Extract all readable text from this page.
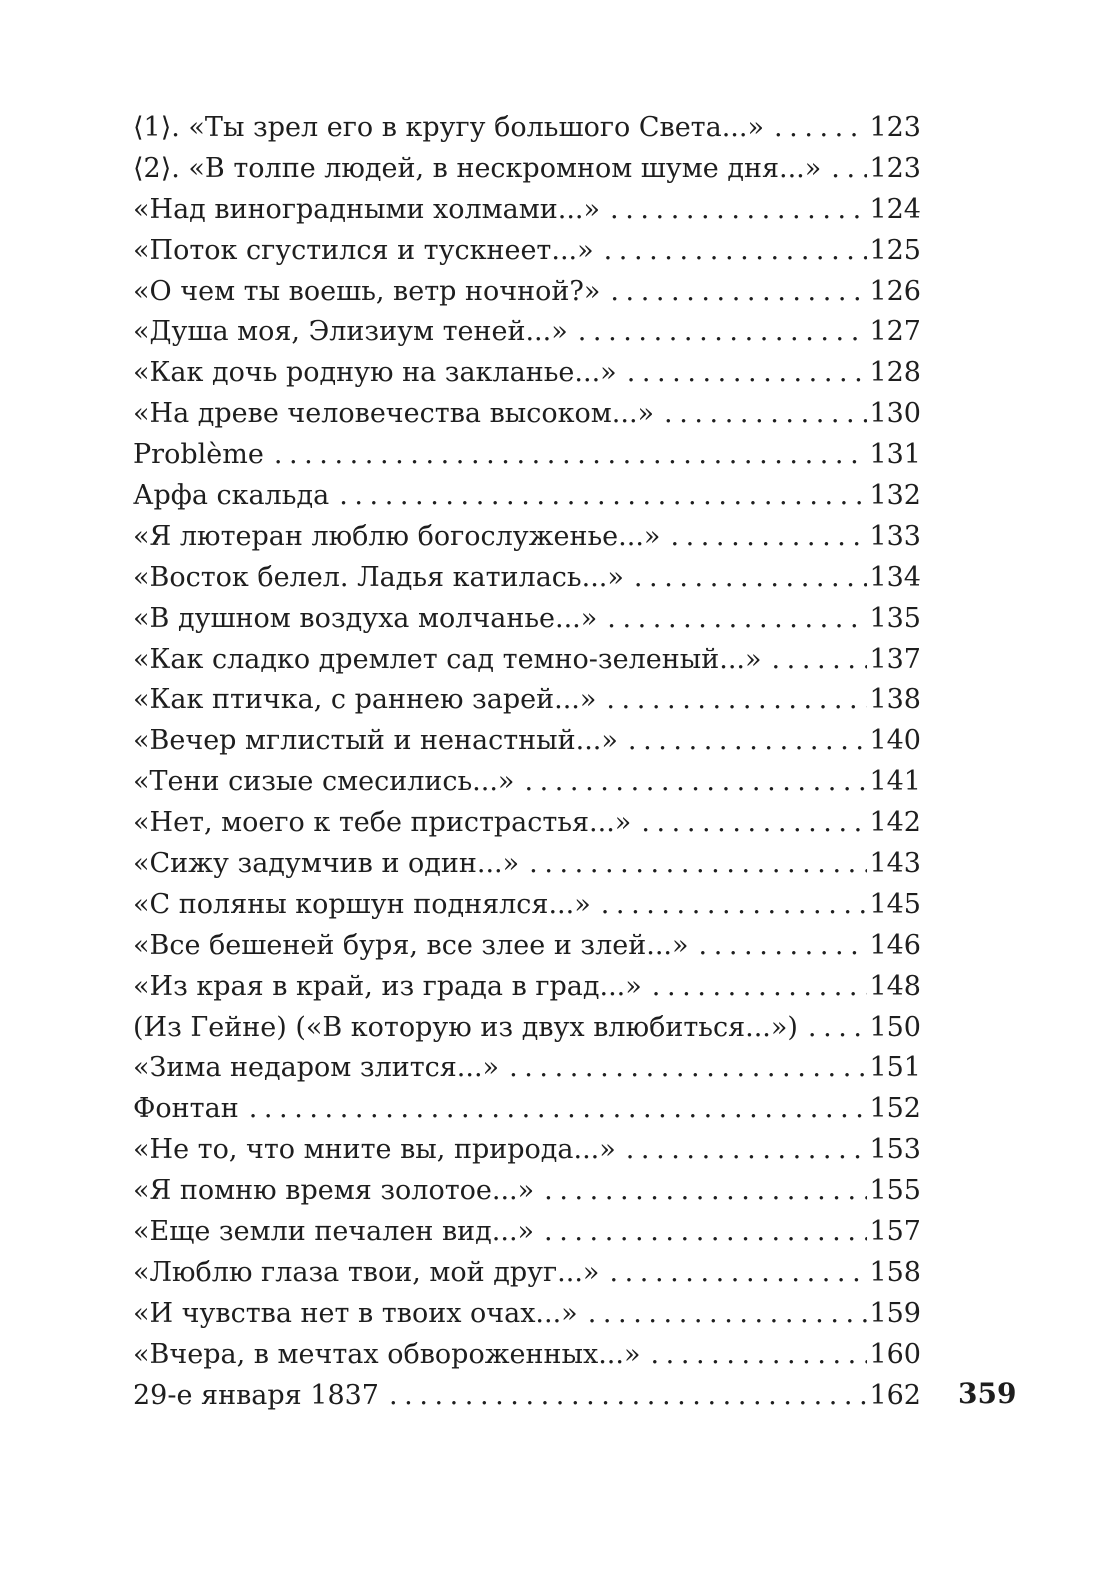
⟨1⟩. «Ты зрел его в кругу большого Света...» . . .	123
⟨2⟩. «В толпе людей, в нескромном шуме дня...» . . .	123
«Над виноградными холмами...» . . .	124
«Поток сгустился и тускнеет...» . . .	125
«О чем ты воешь, ветр ночной?» . . .	126
«Душа моя, Элизиум теней...» . . .	127
«Как дочь родную на закланье...» . . .	128
«На древе человечества высоком...» . . .	130
Problème . . .	131
Арфа скальда . . .	132
«Я лютеран люблю богослуженье...» . . .	133
«Восток белел. Ладья катилась...» . . .	134
«В душном воздуха молчанье...» . . .	135
«Как сладко дремлет сад темно-зеленый...» . . .	137
«Как птичка, с раннею зарей...» . . .	138
«Вечер мглистый и ненастный...» . . .	140
«Тени сизые смесились...» . . .	141
«Нет, моего к тебе пристрастья...» . . .	142
«Сижу задумчив и один...» . . .	143
«С поляны коршун поднялся...» . . .	145
«Все бешеней буря, все злее и злей...» . . .	146
«Из края в край, из града в град...» . . .	148
(Из Гейне) («В которую из двух влюбиться...») . . .	150
«Зима недаром злится...» . . .	151
Фонтан . . .	152
«Не то, что мните вы, природа...» . . .	153
«Я помню время золотое...» . . .	155
«Еще земли печален вид...» . . .	157
«Люблю глаза твои, мой друг...» . . .	158
«И чувства нет в твоих очах...» . . .	159
«Вчера, в мечтах обвороженных...» . . .	160
29-е января 1837 . . .	162 359
